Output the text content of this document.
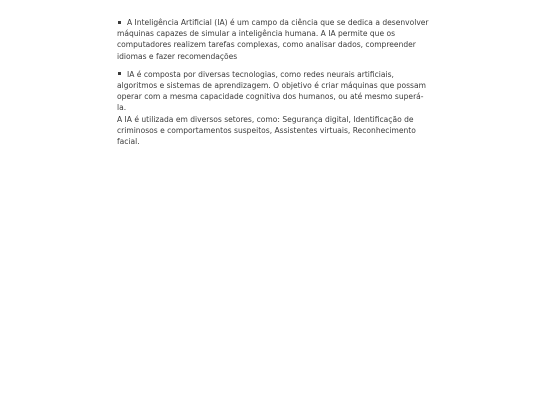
A Inteligência Artificial (IA) é um campo da ciência que se dedica a desenvolver máquinas capazes de simular a inteligência humana. A IA permite que os computadores realizem tarefas complexas, como analisar dados, compreender idiomas e fazer recomendações

IA é composta por diversas tecnologias, como redes neurais artificiais, algoritmos e sistemas de aprendizagem. O objetivo é criar máquinas que possam operar com a mesma capacidade cognitiva dos humanos, ou até mesmo superá-la.

A IA é utilizada em diversos setores, como: Segurança digital, Identificação de criminosos e comportamentos suspeitos, Assistentes virtuais, Reconhecimento facial.
